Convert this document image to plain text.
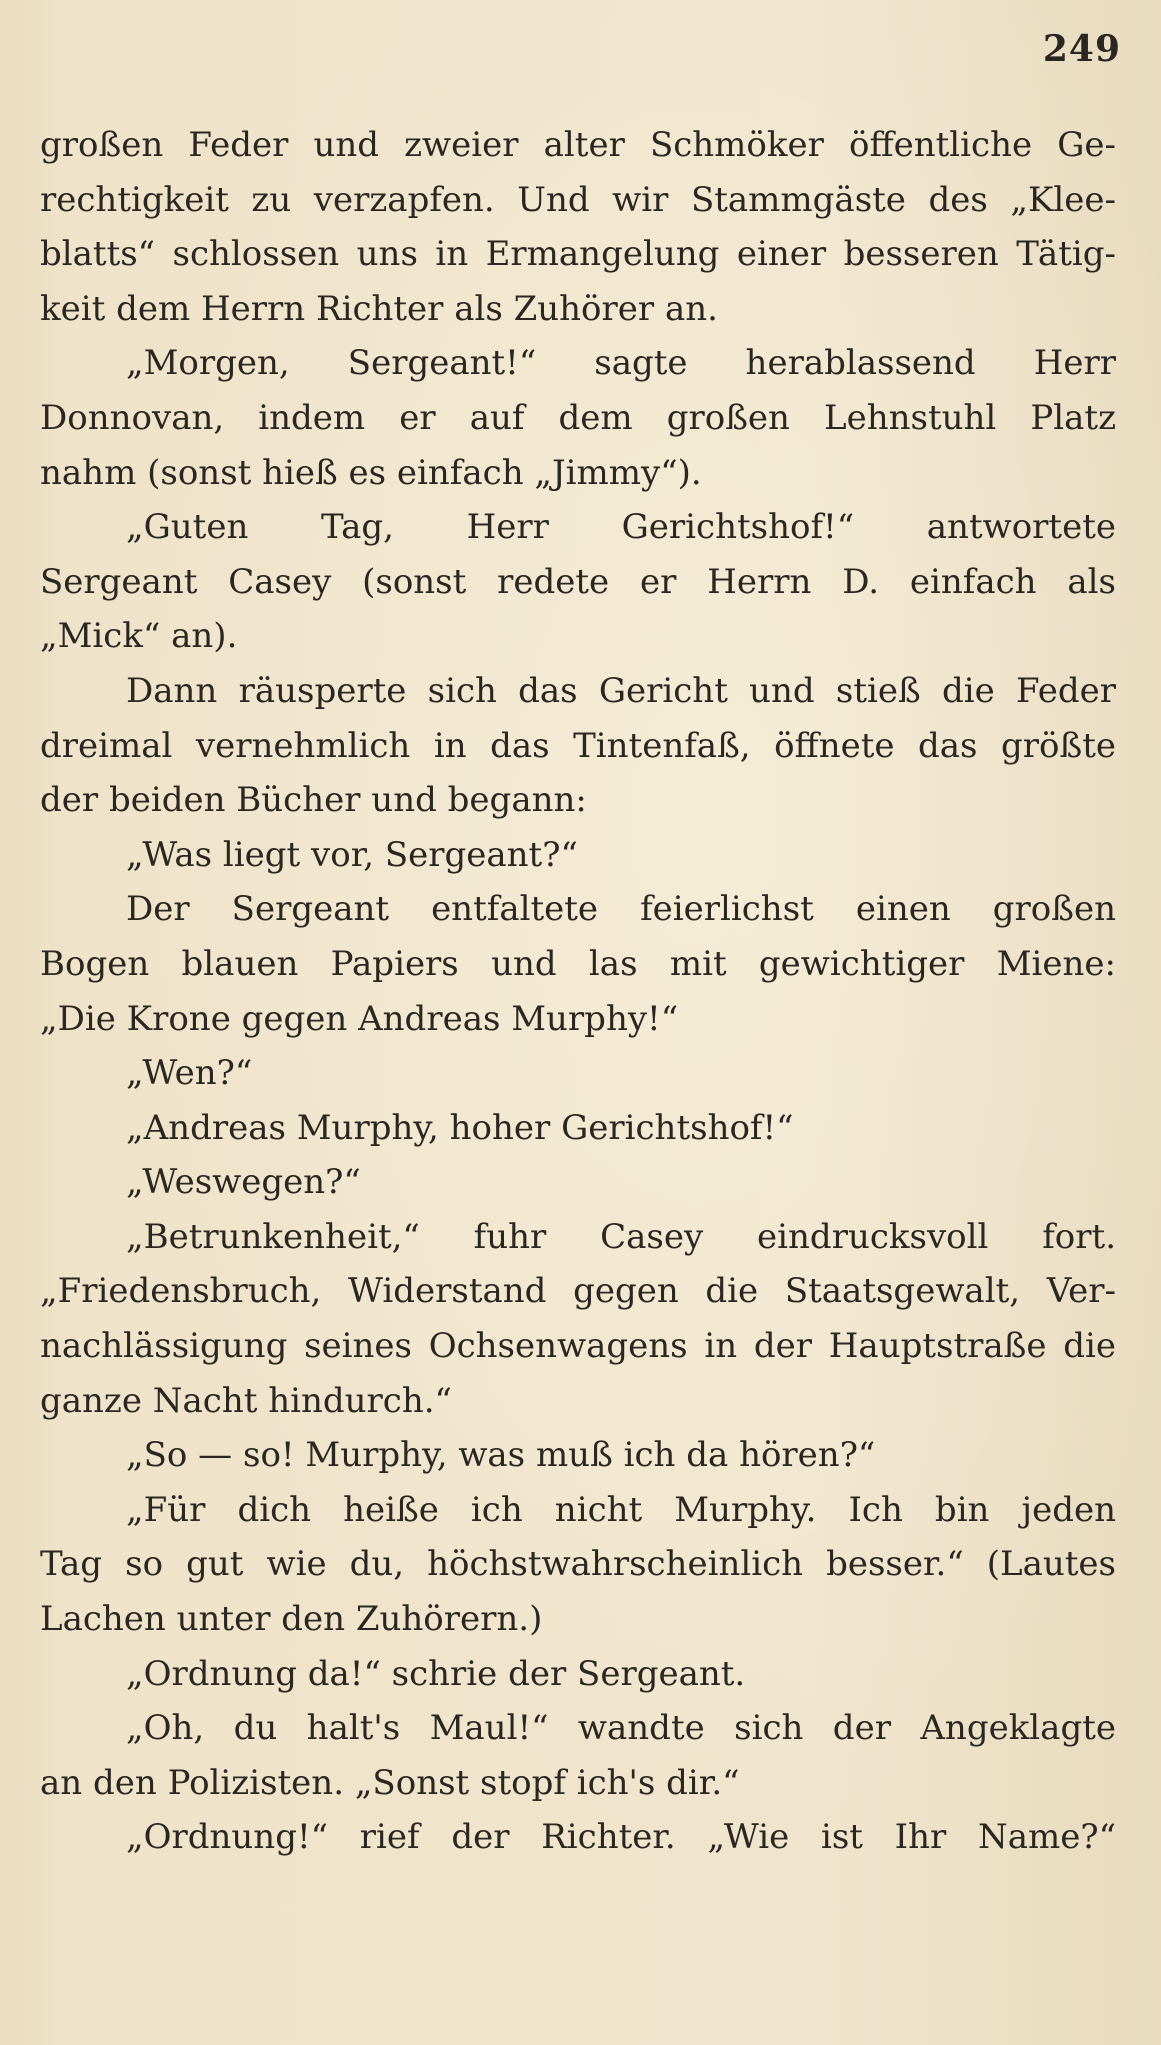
249
großen Feder und zweier alter Schmöker öffentliche Ge-
rechtigkeit zu verzapfen. Und wir Stammgäste des „Klee-
blatts“ schlossen uns in Ermangelung einer besseren Tätig-
keit dem Herrn Richter als Zuhörer an.
„Morgen, Sergeant!“ sagte herablassend Herr
Donnovan, indem er auf dem großen Lehnstuhl Platz
nahm (sonst hieß es einfach „Jimmy“).
„Guten Tag, Herr Gerichtshof!“ antwortete
Sergeant Casey (sonst redete er Herrn D. einfach als
„Mick“ an).
Dann räusperte sich das Gericht und stieß die Feder
dreimal vernehmlich in das Tintenfaß, öffnete das größte
der beiden Bücher und begann:
„Was liegt vor, Sergeant?“
Der Sergeant entfaltete feierlichst einen großen
Bogen blauen Papiers und las mit gewichtiger Miene:
„Die Krone gegen Andreas Murphy!“
„Wen?“
„Andreas Murphy, hoher Gerichtshof!“
„Weswegen?“
„Betrunkenheit,“ fuhr Casey eindrucksvoll fort.
„Friedensbruch, Widerstand gegen die Staatsgewalt, Ver-
nachlässigung seines Ochsenwagens in der Hauptstraße die
ganze Nacht hindurch.“
„So — so! Murphy, was muß ich da hören?“
„Für dich heiße ich nicht Murphy. Ich bin jeden
Tag so gut wie du, höchstwahrscheinlich besser.“ (Lautes
Lachen unter den Zuhörern.)
„Ordnung da!“ schrie der Sergeant.
„Oh, du halt's Maul!“ wandte sich der Angeklagte
an den Polizisten. „Sonst stopf ich's dir.“
„Ordnung!“ rief der Richter. „Wie ist Ihr Name?“
